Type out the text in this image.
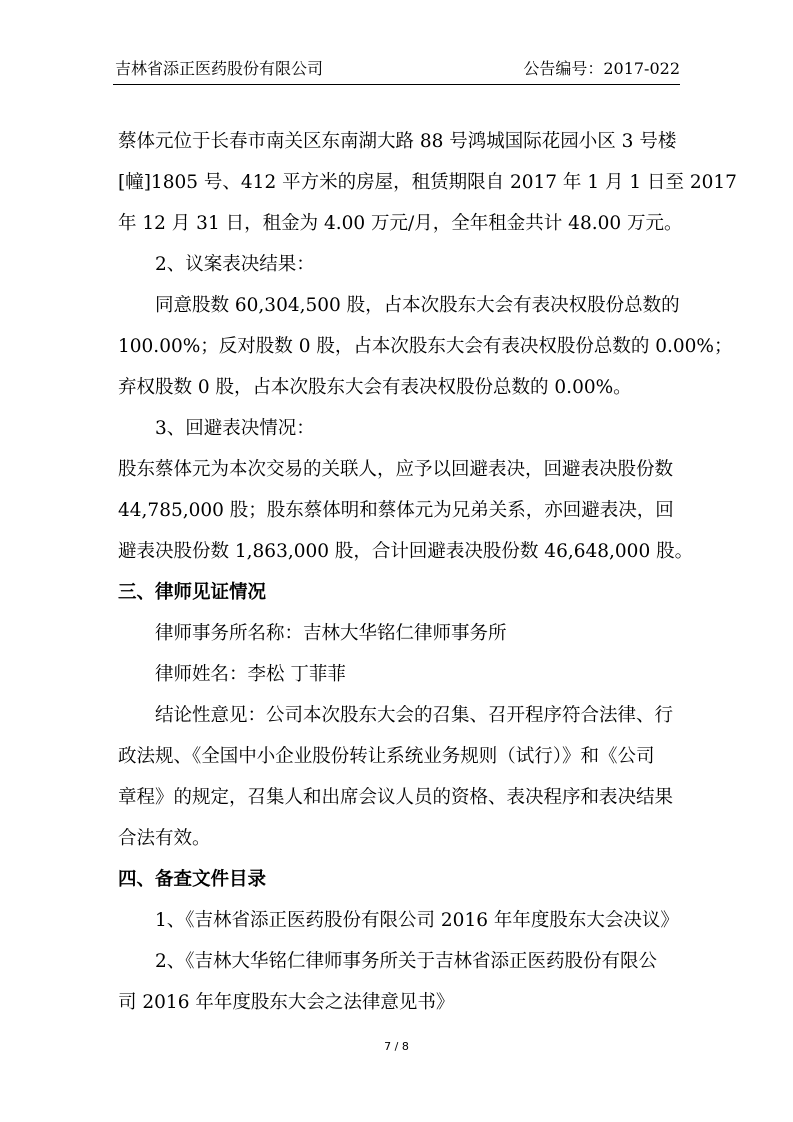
吉林省添正医药股份有限公司	公告编号：2017-022

蔡体元位于长春市南关区东南湖大路 88 号鸿城国际花园小区 3 号楼

[幢]1805 号、412 平方米的房屋，租赁期限自 2017 年 1 月 1 日至 2017

年 12 月 31 日，租金为 4.00 万元/月，全年租金共计 48.00 万元。

2、议案表决结果：

同意股数 60,304,500 股，占本次股东大会有表决权股份总数的

100.00%；反对股数 0 股，占本次股东大会有表决权股份总数的 0.00%；

弃权股数 0 股，占本次股东大会有表决权股份总数的 0.00%。

3、回避表决情况：

股东蔡体元为本次交易的关联人，应予以回避表决，回避表决股份数

44,785,000 股；股东蔡体明和蔡体元为兄弟关系，亦回避表决，回

避表决股份数 1,863,000 股，合计回避表决股份数 46,648,000 股。

三、律师见证情况

律师事务所名称：吉林大华铭仁律师事务所

律师姓名：李松 丁菲菲

结论性意见：公司本次股东大会的召集、召开程序符合法律、行

政法规、《全国中小企业股份转让系统业务规则（试行）》和《公司

章程》的规定，召集人和出席会议人员的资格、表决程序和表决结果

合法有效。

四、备查文件目录

1、《吉林省添正医药股份有限公司 2016 年年度股东大会决议》

2、《吉林大华铭仁律师事务所关于吉林省添正医药股份有限公

司 2016 年年度股东大会之法律意见书》

7 / 8
